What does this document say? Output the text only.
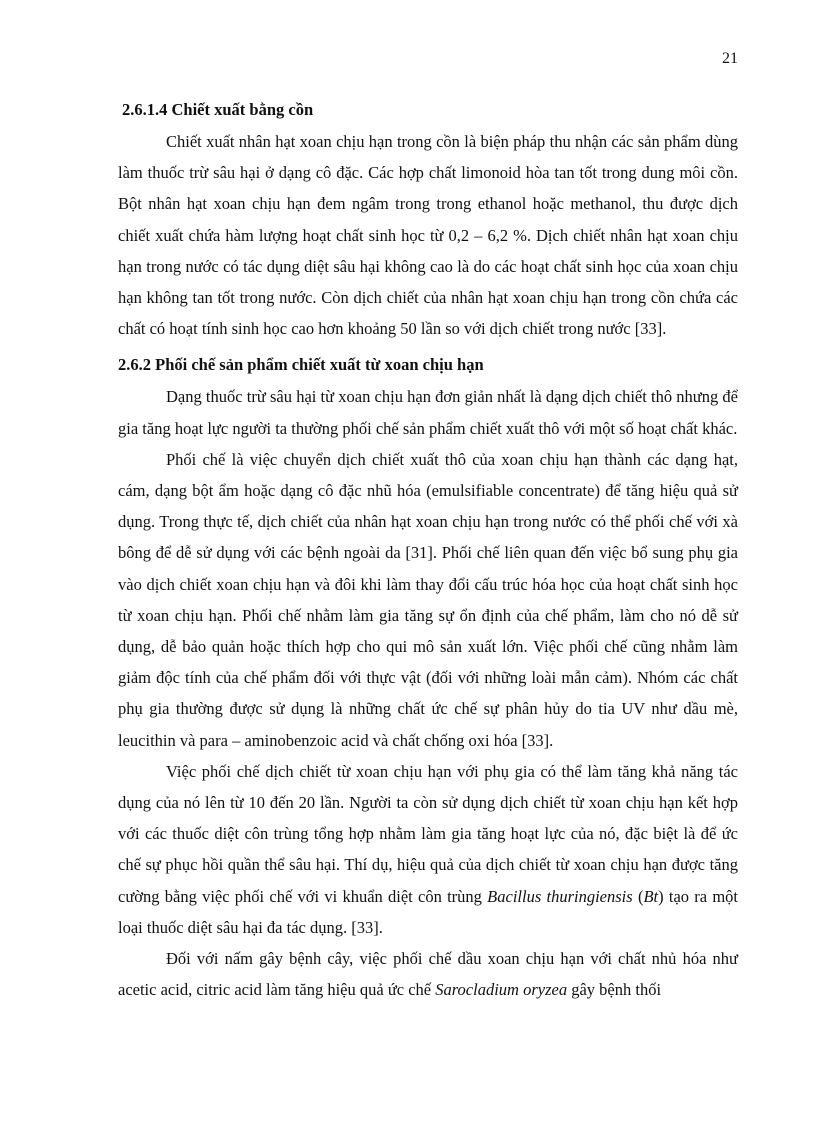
21

2.6.1.4 Chiết xuất bằng cồn

Chiết xuất nhân hạt xoan chịu hạn trong cồn là biện pháp thu nhận các sản phẩm dùng làm thuốc trừ sâu hại ở dạng cô đặc. Các hợp chất limonoid hòa tan tốt trong dung môi cồn. Bột nhân hạt xoan chịu hạn đem ngâm trong trong ethanol hoặc methanol, thu được dịch chiết xuất chứa hàm lượng hoạt chất sinh học từ 0,2 – 6,2 %. Dịch chiết nhân hạt xoan chịu hạn trong nước có tác dụng diệt sâu hại không cao là do các hoạt chất sinh học của xoan chịu hạn không tan tốt trong nước. Còn dịch chiết của nhân hạt xoan chịu hạn trong cồn chứa các chất có hoạt tính sinh học cao hơn khoảng 50 lần so với dịch chiết trong nước [33].

2.6.2 Phối chế sản phẩm chiết xuất từ xoan chịu hạn

Dạng thuốc trừ sâu hại từ xoan chịu hạn đơn giản nhất là dạng dịch chiết thô nhưng để gia tăng hoạt lực người ta thường phối chế sản phẩm chiết xuất thô với một số hoạt chất khác.

Phối chế là việc chuyển dịch chiết xuất thô của xoan chịu hạn thành các dạng hạt, cám, dạng bột ẩm hoặc dạng cô đặc nhũ hóa (emulsifiable concentrate) để tăng hiệu quả sử dụng. Trong thực tế, dịch chiết của nhân hạt xoan chịu hạn trong nước có thể phối chế với xà bông để dễ sử dụng với các bệnh ngoài da [31]. Phối chế liên quan đến việc bổ sung phụ gia vào dịch chiết xoan chịu hạn và đôi khi làm thay đổi cấu trúc hóa học của hoạt chất sinh học từ xoan chịu hạn. Phối chế nhằm làm gia tăng sự ổn định của chế phẩm, làm cho nó dễ sử dụng, dễ bảo quản hoặc thích hợp cho qui mô sản xuất lớn. Việc phối chế cũng nhằm làm giảm độc tính của chế phẩm đối với thực vật (đối với những loài mẫn cảm). Nhóm các chất phụ gia thường được sử dụng là những chất ức chế sự phân hủy do tia UV như dầu mè, leucithin và para – aminobenzoic acid và chất chống oxi hóa [33].

Việc phối chế dịch chiết từ xoan chịu hạn với phụ gia có thể làm tăng khả năng tác dụng của nó lên từ 10 đến 20 lần. Người ta còn sử dụng dịch chiết từ xoan chịu hạn kết hợp với các thuốc diệt côn trùng tổng hợp nhằm làm gia tăng hoạt lực của nó, đặc biệt là để ức chế sự phục hồi quần thể sâu hại. Thí dụ, hiệu quả của dịch chiết từ xoan chịu hạn được tăng cường bằng việc phối chế với vi khuẩn diệt côn trùng Bacillus thuringiensis (Bt) tạo ra một loại thuốc diệt sâu hại đa tác dụng. [33].

Đối với nấm gây bệnh cây, việc phối chế dầu xoan chịu hạn với chất nhủ hóa như acetic acid, citric acid làm tăng hiệu quả ức chế Sarocladium oryzea gây bệnh thối
